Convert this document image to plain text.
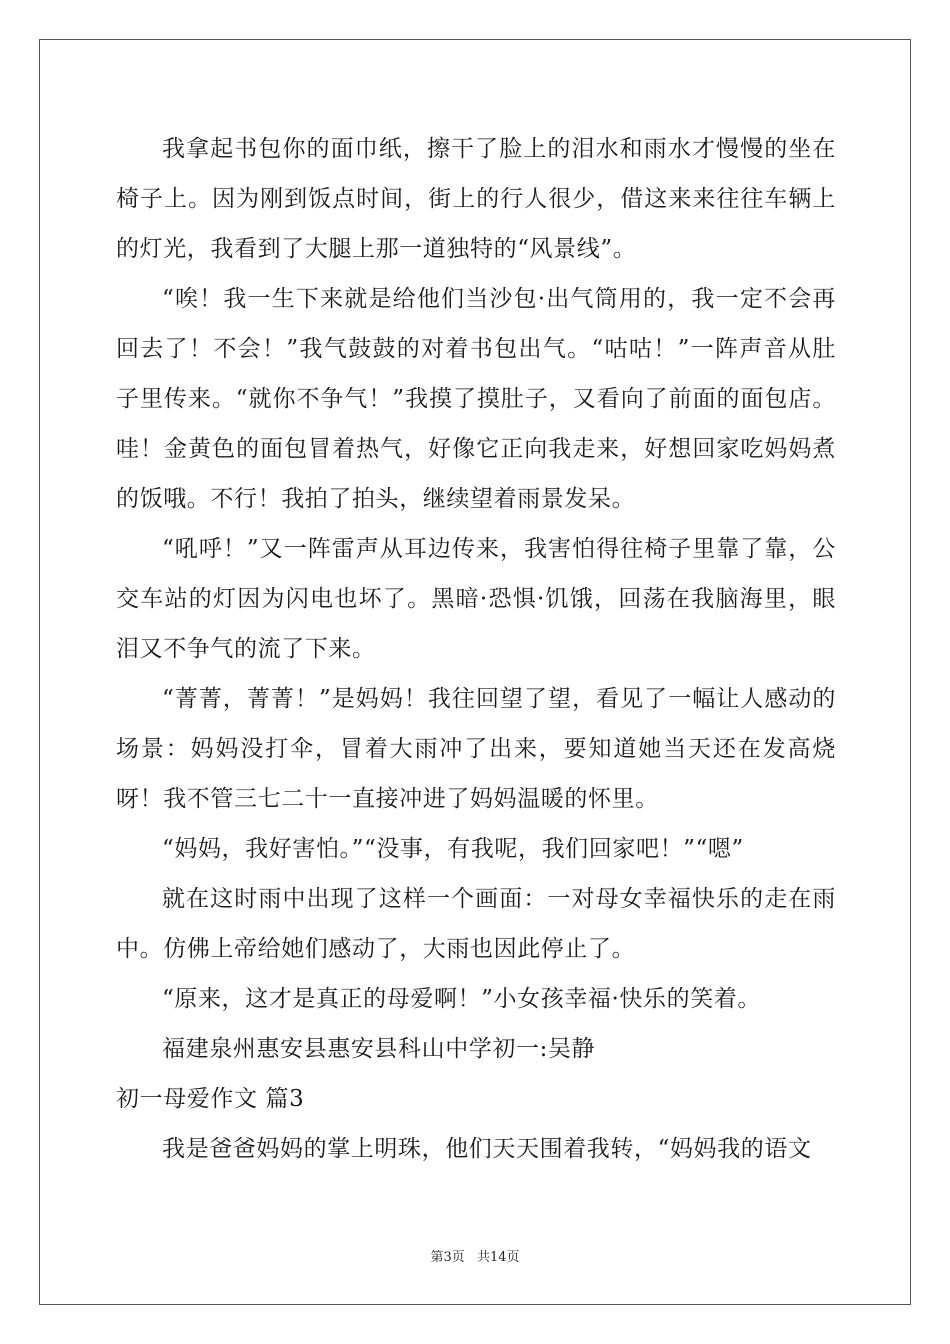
我拿起书包你的面巾纸，擦干了脸上的泪水和雨水才慢慢的坐在椅子上。因为刚到饭点时间，街上的行人很少，借这来来往往车辆上的灯光，我看到了大腿上那一道独特的“风景线”。

“唉！我一生下来就是给他们当沙包·出气筒用的，我一定不会再回去了！不会！”我气鼓鼓的对着书包出气。“咕咕！”一阵声音从肚子里传来。“就你不争气！”我摸了摸肚子，又看向了前面的面包店。哇！金黄色的面包冒着热气，好像它正向我走来，好想回家吃妈妈煮的饭哦。不行！我拍了拍头，继续望着雨景发呆。

“吼呼！”又一阵雷声从耳边传来，我害怕得往椅子里靠了靠，公交车站的灯因为闪电也坏了。黑暗·恐惧·饥饿，回荡在我脑海里，眼泪又不争气的流了下来。

“菁菁，菁菁！”是妈妈！我往回望了望，看见了一幅让人感动的场景：妈妈没打伞，冒着大雨冲了出来，要知道她当天还在发高烧呀！我不管三七二十一直接冲进了妈妈温暖的怀里。

“妈妈，我好害怕。”“没事，有我呢，我们回家吧！”“嗯”

就在这时雨中出现了这样一个画面：一对母女幸福快乐的走在雨中。仿佛上帝给她们感动了，大雨也因此停止了。

“原来，这才是真正的母爱啊！”小女孩幸福·快乐的笑着。

福建泉州惠安县惠安县科山中学初一:吴静

初一母爱作文 篇3

我是爸爸妈妈的掌上明珠，他们天天围着我转，“妈妈我的语文

第3页 共14页
